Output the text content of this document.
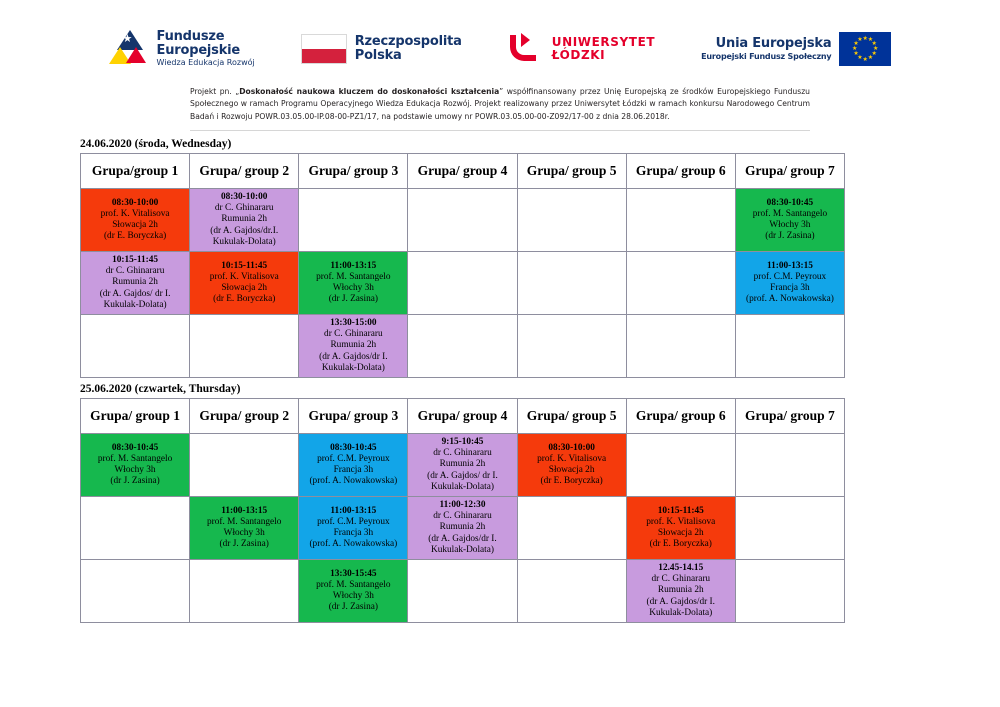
★ Fundusze
Europejskie
Wiedza Edukacja Rozwój
Rzeczpospolita
Polska
UNIWERSYTET
ŁÓDZKI
Unia Europejska
Europejski Fundusz Społeczny
★ ★
★
★
★
★
★
★
★
★
★
★
Projekt pn. „Doskonałość naukowa kluczem do doskonałości kształcenia” współfinansowany przez Unię Europejską ze środków Europejskiego Funduszu Społecznego w ramach Programu Operacyjnego Wiedza Edukacja Rozwój. Projekt realizowany przez Uniwersytet Łódzki w ramach konkursu Narodowego Centrum Badań i Rozwoju POWR.03.05.00-IP.08-00-PZ1/17, na podstawie umowy nr POWR.03.05.00-00-Z092/17-00 z dnia 28.06.2018r.
24.06.2020 (środa, Wednesday)
Grupa/group 1	Grupa/ group 2	Grupa/ group 3	Grupa/ group 4	Grupa/ group 5	Grupa/ group 6	Grupa/ group 7

08:30-10:00
prof. K. Vitalisova
Słowacja 2h
(dr E. Boryczka)	08:30-10:00
dr C. Ghinararu
Rumunia 2h
(dr A. Gajdos/dr.I.
Kukulak-Dolata)					08:30-10:45
prof. M. Santangelo
Włochy 3h
(dr J. Zasina)

10:15-11:45
dr C. Ghinararu
Rumunia 2h
(dr A. Gajdos/ dr I.
Kukulak-Dolata)	10:15-11:45
prof. K. Vitalisova
Słowacja 2h
(dr E. Boryczka)	11:00-13:15
prof. M. Santangelo
Włochy 3h
(dr J. Zasina)				11:00-13:15
prof. C.M. Peyroux
Francja 3h
(prof. A. Nowakowska)

		13:30-15:00
dr C. Ghinararu
Rumunia 2h
(dr A. Gajdos/dr I.
Kukulak-Dolata)				

25.06.2020 (czwartek, Thursday)
Grupa/ group 1	Grupa/ group 2	Grupa/ group 3	Grupa/ group 4	Grupa/ group 5	Grupa/ group 6	Grupa/ group 7

08:30-10:45
prof. M. Santangelo
Włochy 3h
(dr J. Zasina)		08:30-10:45
prof. C.M. Peyroux
Francja 3h
(prof. A. Nowakowska)	9:15-10:45
dr C. Ghinararu
Rumunia 2h
(dr A. Gajdos/ dr I.
Kukulak-Dolata)	08:30-10:00
prof. K. Vitalisova
Słowacja 2h
(dr E. Boryczka)		

	11:00-13:15
prof. M. Santangelo
Włochy 3h
(dr J. Zasina)	11:00-13:15
prof. C.M. Peyroux
Francja 3h
(prof. A. Nowakowska)	11:00-12:30
dr C. Ghinararu
Rumunia 2h
(dr A. Gajdos/dr I.
Kukulak-Dolata)		10:15-11:45
prof. K. Vitalisova
Słowacja 2h
(dr E. Boryczka)	

		13:30-15:45
prof. M. Santangelo
Włochy 3h
(dr J. Zasina)			12.45-14.15
dr C. Ghinararu
Rumunia 2h
(dr A. Gajdos/dr I.
Kukulak-Dolata)	
